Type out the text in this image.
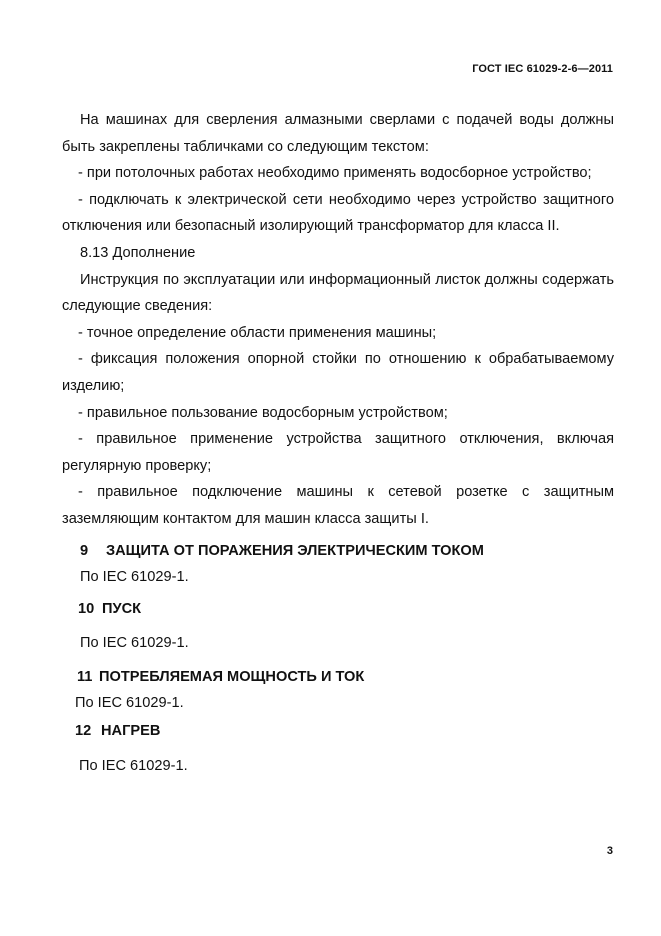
ГОСТ IEC 61029-2-6—2011

На машинах для сверления алмазными сверлами с подачей воды должны быть закреплены табличками со следующим текстом:

- при потолочных работах необходимо применять водосборное устройство;

- подключать к электрической сети необходимо через устройство защитного отключения или безопасный изолирующий трансформатор для класса II.

8.13 Дополнение

Инструкция по эксплуатации или информационный листок должны содержать следующие сведения:

- точное определение области применения машины;

- фиксация положения опорной стойки по отношению к обрабатываемому изделию;

- правильное пользование водосборным устройством;

- правильное применение устройства защитного отключения, включая регулярную проверку;

- правильное подключение машины к сетевой розетке с защитным заземляющим контактом для машин класса защиты I.

9 ЗАЩИТА ОТ ПОРАЖЕНИЯ ЭЛЕКТРИЧЕСКИМ ТОКОМ

По IEC 61029-1.

10 ПУСК

По IEC 61029-1.

11 ПОТРЕБЛЯЕМАЯ МОЩНОСТЬ И ТОК

По IEC 61029-1.

12 НАГРЕВ

По IEC 61029-1.

3
